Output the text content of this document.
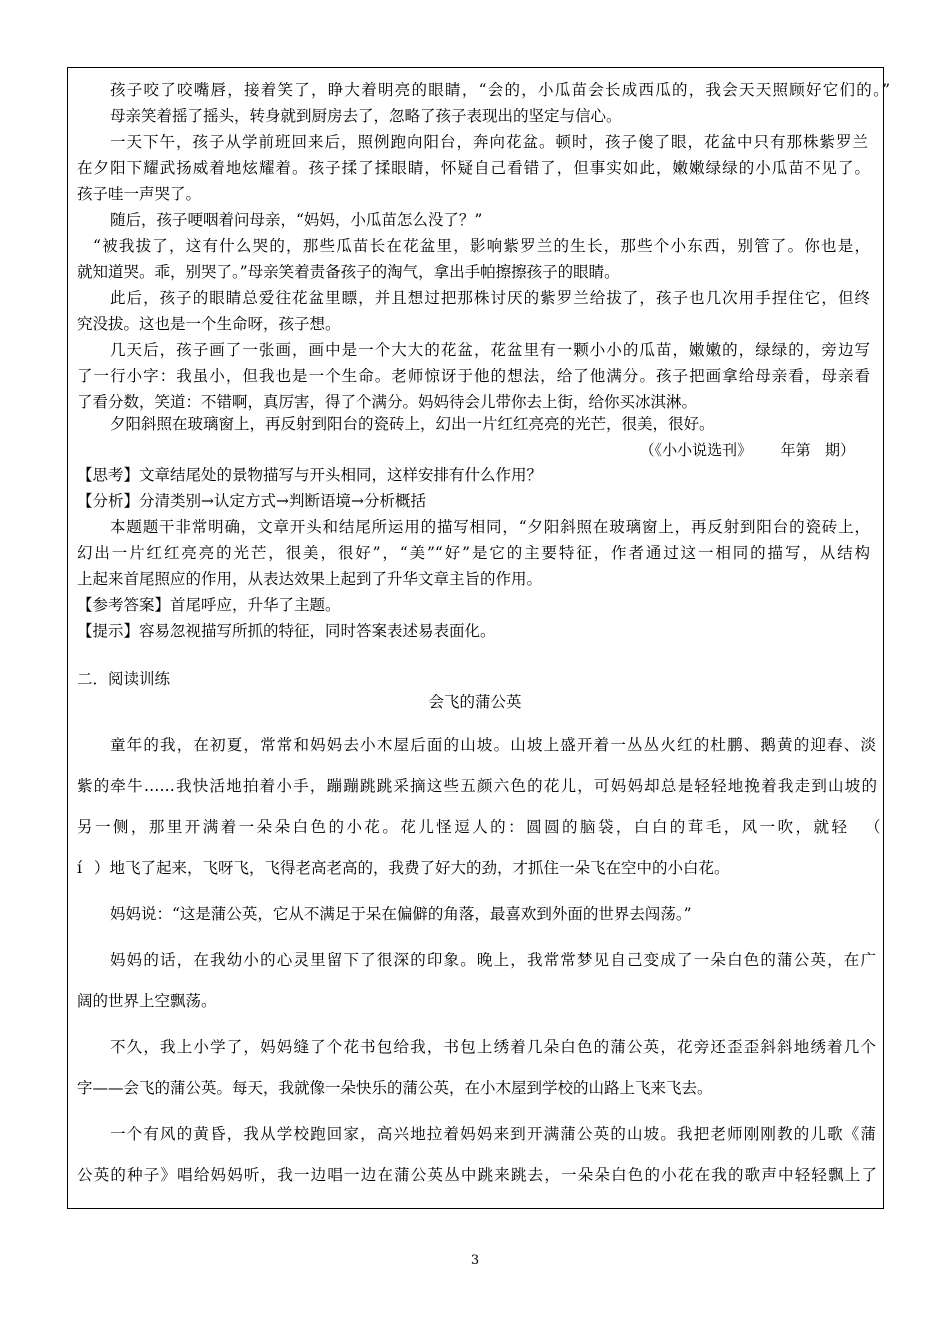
孩子咬了咬嘴唇，接着笑了，睁大着明亮的眼睛，“会的，小瓜苗会长成西瓜的，我会天天照顾好它们的。”
母亲笑着摇了摇头，转身就到厨房去了，忽略了孩子表现出的坚定与信心。
一天下午，孩子从学前班回来后，照例跑向阳台，奔向花盆。顿时，孩子傻了眼，花盆中只有那株紫罗兰
在夕阳下耀武扬威着地炫耀着。孩子揉了揉眼睛，怀疑自己看错了，但事实如此，嫩嫩绿绿的小瓜苗不见了。
孩子哇一声哭了。
随后，孩子哽咽着问母亲，“妈妈，小瓜苗怎么没了？”
“被我拔了，这有什么哭的，那些瓜苗长在花盆里，影响紫罗兰的生长，那些个小东西，别管了。你也是，
就知道哭。乖，别哭了。”母亲笑着责备孩子的淘气，拿出手帕擦擦孩子的眼睛。
此后，孩子的眼睛总爱往花盆里瞟，并且想过把那株讨厌的紫罗兰给拔了，孩子也几次用手捏住它，但终
究没拔。这也是一个生命呀，孩子想。
几天后，孩子画了一张画，画中是一个大大的花盆，花盆里有一颗小小的瓜苗，嫩嫩的，绿绿的，旁边写
了一行小字：我虽小，但我也是一个生命。老师惊讶于他的想法，给了他满分。孩子把画拿给母亲看，母亲看
了看分数，笑道：不错啊，真厉害，得了个满分。妈妈待会儿带你去上街，给你买冰淇淋。
夕阳斜照在玻璃窗上，再反射到阳台的瓷砖上，幻出一片红红亮亮的光芒，很美，很好。
（《小小说选刊》      年第   期）
【思考】文章结尾处的景物描写与开头相同，这样安排有什么作用？
【分析】分清类别→认定方式→判断语境→分析概括
本题题干非常明确，文章开头和结尾所运用的描写相同，“夕阳斜照在玻璃窗上，再反射到阳台的瓷砖上，
幻出一片红红亮亮的光芒，很美，很好”，“美”“好”是它的主要特征，作者通过这一相同的描写，从结构
上起来首尾照应的作用，从表达效果上起到了升华文章主旨的作用。
【参考答案】首尾呼应，升华了主题。
【提示】容易忽视描写所抓的特征，同时答案表述易表面化。
二．阅读训练
会飞的蒲公英
童年的我，在初夏，常常和妈妈去小木屋后面的山坡。山坡上盛开着一丛丛火红的杜鹏、鹅黄的迎春、淡
紫的牵牛……我快活地拍着小手，蹦蹦跳跳采摘这些五颜六色的花儿，可妈妈却总是轻轻地挽着我走到山坡的
另一侧，那里开满着一朵朵白色的小花。花儿怪逗人的：圆圆的脑袋，白白的茸毛，风一吹，就轻 （
í ）地飞了起来，飞呀飞，飞得老高老高的，我费了好大的劲，才抓住一朵飞在空中的小白花。
妈妈说：“这是蒲公英，它从不满足于呆在偏僻的角落，最喜欢到外面的世界去闯荡。”
妈妈的话，在我幼小的心灵里留下了很深的印象。晚上，我常常梦见自己变成了一朵白色的蒲公英，在广
阔的世界上空飘荡。
不久，我上小学了，妈妈缝了个花书包给我，书包上绣着几朵白色的蒲公英，花旁还歪歪斜斜地绣着几个
字——会飞的蒲公英。每天，我就像一朵快乐的蒲公英，在小木屋到学校的山路上飞来飞去。
一个有风的黄昏，我从学校跑回家，高兴地拉着妈妈来到开满蒲公英的山坡。我把老师刚刚教的儿歌《蒲
公英的种子》唱给妈妈听，我一边唱一边在蒲公英丛中跳来跳去，一朵朵白色的小花在我的歌声中轻轻飘上了
3
